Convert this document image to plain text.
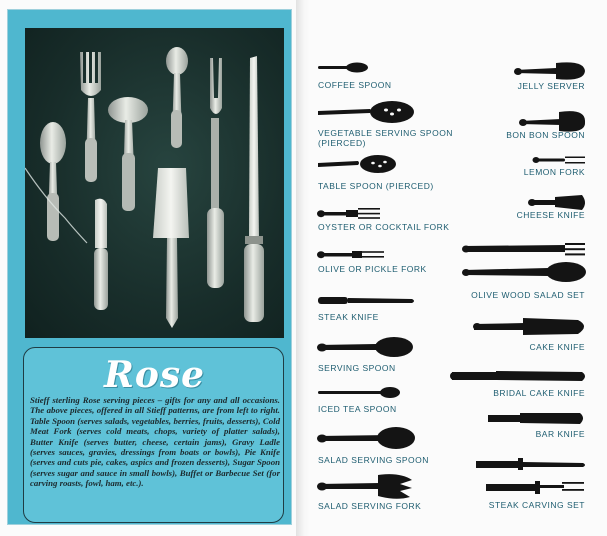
Rose

Stieff sterling Rose serving pieces – gifts for any and all occasions. The above pieces, offered in all Stieff patterns, are from left to right. Table Spoon (serves salads, vegetables, berries, fruits, desserts), Cold Meat Fork (serves cold meats, chops, variety of platter salads), Butter Knife (serves butter, cheese, certain jams), Gravy Ladle (serves sauces, gravies, dressings from boats or bowls), Pie Knife (serves and cuts pie, cakes, aspics and frozen desserts), Sugar Spoon (serves sugar and sauce in small bowls), Buffet or Barbecue Set (for carving roasts, fowl, ham, etc.).

COFFEE SPOON
VEGETABLE SERVING SPOON
(PIERCED)
TABLE SPOON (PIERCED)
OYSTER OR COCKTAIL FORK
OLIVE OR PICKLE FORK
STEAK KNIFE
SERVING SPOON
ICED TEA SPOON
SALAD SERVING SPOON
SALAD SERVING FORK
JELLY SERVER
BON BON SPOON
LEMON FORK
CHEESE KNIFE
OLIVE WOOD SALAD SET
CAKE KNIFE
BRIDAL CAKE KNIFE
BAR KNIFE
STEAK CARVING SET
